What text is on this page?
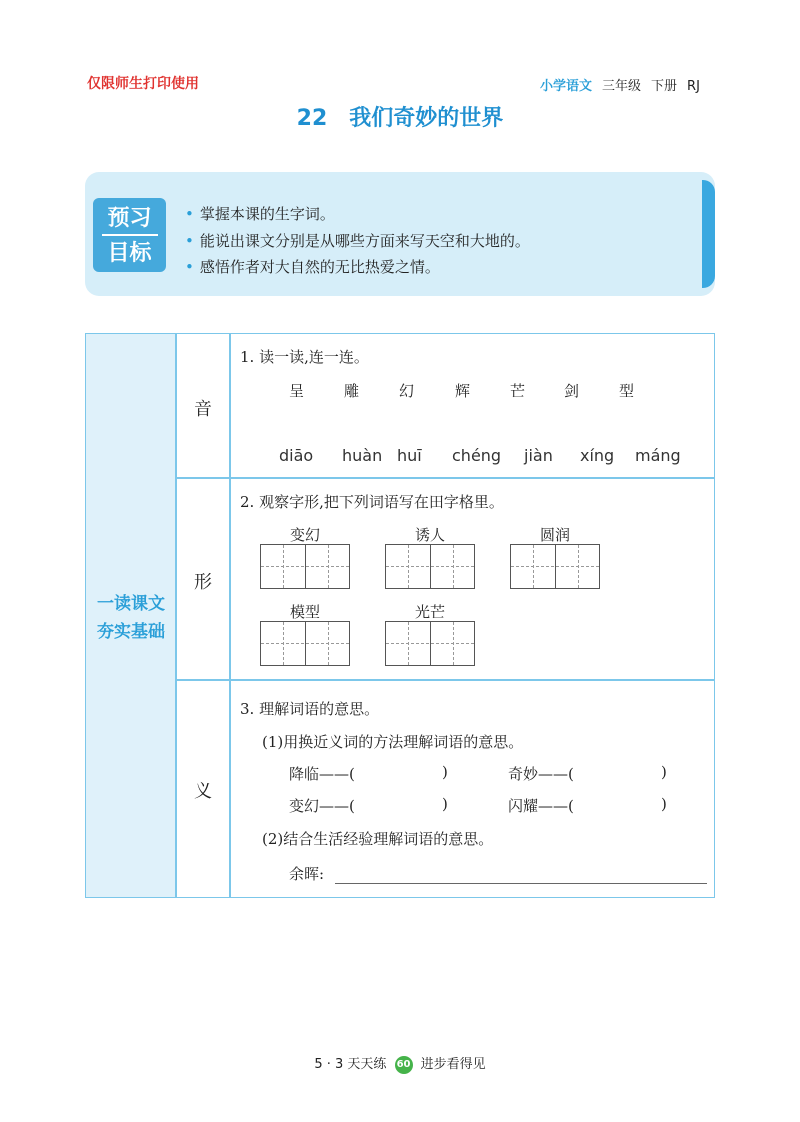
仅限师生打印使用	小学语文 三年级 下册 RJ
22 我们奇妙的世界
预习
目标
• 掌握本课的生字词。
• 能说出课文分别是从哪些方面来写天空和大地的。
• 感悟作者对大自然的无比热爱之情。
一读课文
夯实基础
音
1. 读一读,连一连。
呈	雕	幻	辉	芒	剑	型
diāo huàn huī chéng jiàn xíng máng
形
2. 观察字形,把下列词语写在田字格里。
变幻	诱人	圆润
模型	光芒
义
3. 理解词语的意思。
(1)用换近义词的方法理解词语的意思。
降临——(	)	奇妙——(	)
变幻——(	)	闪耀——(	)
(2)结合生活经验理解词语的意思。
余晖:
5 · 3 天天练 60 进步看得见
